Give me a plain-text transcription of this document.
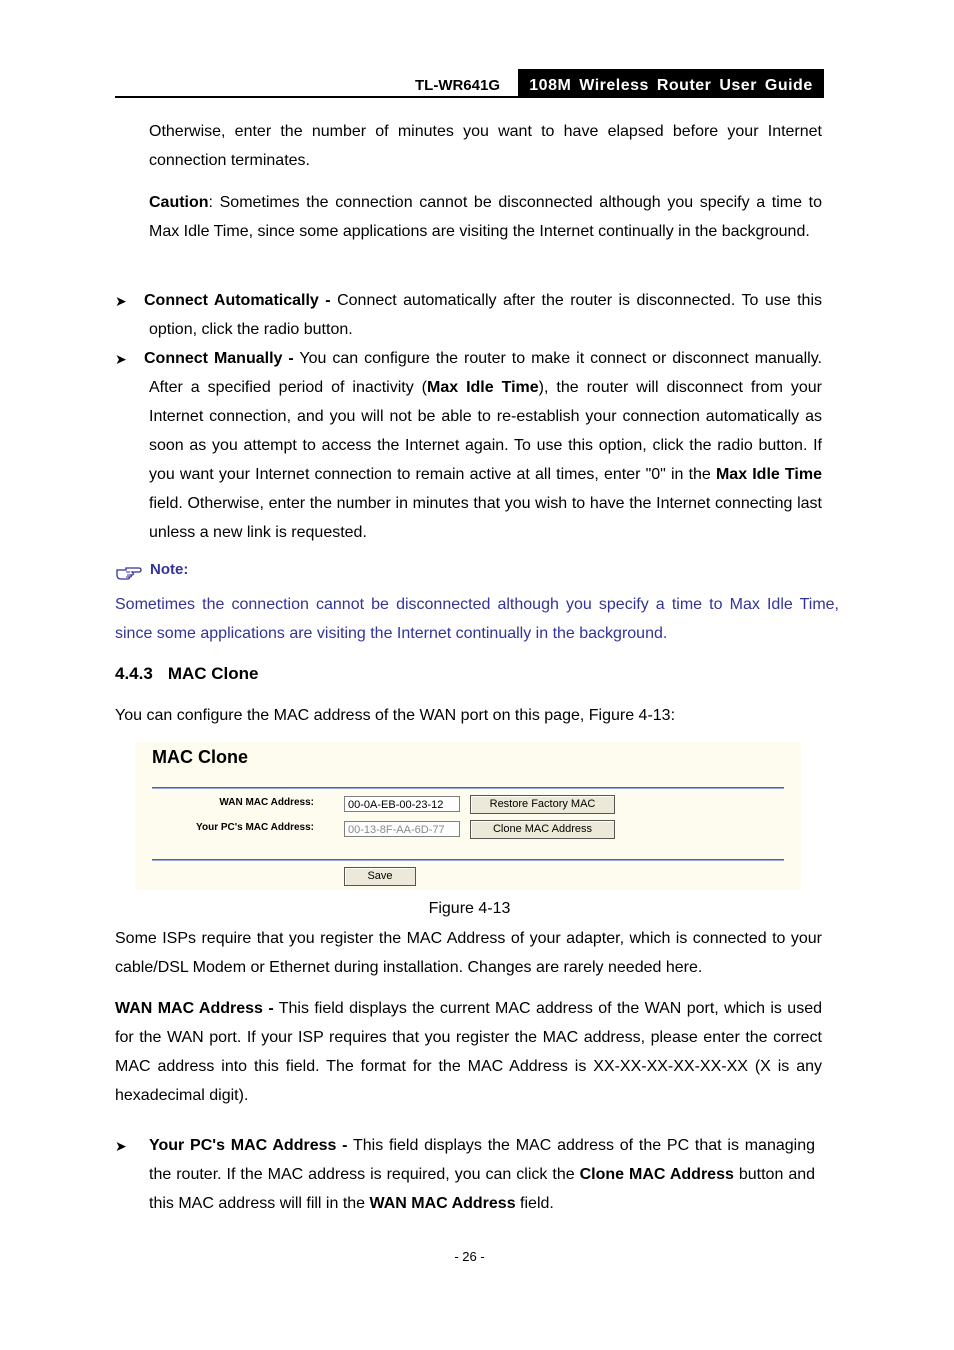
TL-WR641G	108M Wireless Router User Guide
Otherwise, enter the number of minutes you want to have elapsed before your Internet connection terminates.
Caution: Sometimes the connection cannot be disconnected although you specify a time to Max Idle Time, since some applications are visiting the Internet continually in the background.
➤	Connect Automatically - Connect automatically after the router is disconnected. To use this option, click the radio button.
➤	Connect Manually - You can configure the router to make it connect or disconnect manually. After a specified period of inactivity (Max Idle Time), the router will disconnect from your Internet connection, and you will not be able to re-establish your connection automatically as soon as you attempt to access the Internet again. To use this option, click the radio button. If you want your Internet connection to remain active at all times, enter "0" in the Max Idle Time field. Otherwise, enter the number in minutes that you wish to have the Internet connecting last unless a new link is requested.
Note:
Sometimes the connection cannot be disconnected although you specify a time to Max Idle Time, since some applications are visiting the Internet continually in the background.
4.4.3 MAC Clone
You can configure the MAC address of the WAN port on this page, Figure 4-13:
MAC Clone
WAN MAC Address:	00-0A-EB-00-23-12	Restore Factory MAC
Your PC's MAC Address:	00-13-8F-AA-6D-77	Clone MAC Address
Save
Figure 4-13
Some ISPs require that you register the MAC Address of your adapter, which is connected to your cable/DSL Modem or Ethernet during installation. Changes are rarely needed here.
WAN MAC Address - This field displays the current MAC address of the WAN port, which is used for the WAN port. If your ISP requires that you register the MAC address, please enter the correct MAC address into this field. The format for the MAC Address is XX-XX-XX-XX-XX-XX (X is any hexadecimal digit).
➤	Your PC's MAC Address - This field displays the MAC address of the PC that is managing the router. If the MAC address is required, you can click the Clone MAC Address button and this MAC address will fill in the WAN MAC Address field.
- 26 -
